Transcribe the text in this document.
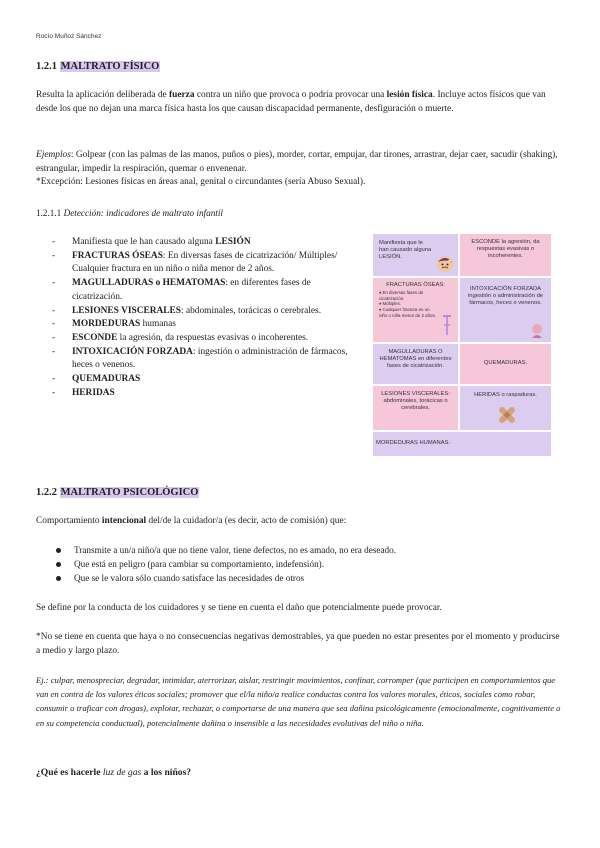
Rocío Muñoz Sánchez
1.2.1 MALTRATO FÍSICO

Resulta la aplicación deliberada de fuerza contra un niño que provoca o podría provocar una lesión física. Incluye actos físicos que van desde los que no dejan una marca física hasta los que causan discapacidad permanente, desfiguración o muerte.

Ejemplos: Golpear (con las palmas de las manos, puños o pies), morder, cortar, empujar, dar tirones, arrastrar, dejar caer, sacudir (shaking), estrangular, impedir la respiración, quemar o envenenar.

*Excepción: Lesiones físicas en áreas anal, genital o circundantes (sería Abuso Sexual).

1.2.1.1 Detección: indicadores de maltrato infantil
- Manifiesta que le han causado alguna LESIÓN
- FRACTURAS ÓSEAS: En diversas fases de cicatrización/ Múltiples/ Cualquier fractura en un niño o niña menor de 2 años.
- MAGULLADURAS o HEMATOMAS: en diferentes fases de cicatrización.
- LESIONES VISCERALES: abdominales, torácicas o cerebrales.
- MORDEDURAS humanas
- ESCONDE la agresión, da respuestas evasivas o incoherentes.
- INTOXICACIÓN FORZADA: ingestión o administración de fármacos, heces o venenos.
- QUEMADURAS
- HERIDAS
Manifiesta que le han causado alguna LESIÓN.
ESCONDE la agresión, da respuestas evasivas o incoherentes.
FRACTURAS ÓSEAS:
♦ En diversas fases de cicatrización.
♦ Múltiples.
♦ Cualquier fractura en un niño o niña menor de 2 años.
INTOXICACIÓN FORZADA ingestión o administración de fármacos, heces o venenos.
MAGULLADURAS O HEMATOMAS en diferentes fases de cicatrización.
QUEMADURAS.
LESIONES VISCERALES: abdominales, torácicas o cerebrales.
HERIDAS o raspaduras.
MORDEDURAS HUMANAS.
1.2.2 MALTRATO PSICOLÓGICO

Comportamiento intencional del/de la cuidador/a (es decir, acto de comisión) que:

Transmite a un/a niño/a que no tiene valor, tiene defectos, no es amado, no era deseado.
Que está en peligro (para cambiar su comportamiento, indefensión).
Que se le valora sólo cuando satisface las necesidades de otros

Se define por la conducta de los cuidadores y se tiene en cuenta el daño que potencialmente puede provocar.

*No se tiene en cuenta que haya o no consecuencias negativas demostrables, ya que pueden no estar presentes por el momento y producirse a medio y largo plazo.

Ej.: culpar, menospreciar, degradar, intimidar, aterrorizar, aislar, restringir movimientos, confinar, corromper (que participen en comportamientos que van en contra de los valores éticos sociales; promover que el/la niño/a realice conductas contra los valores morales, éticos, sociales como robar, consumir o traficar con drogas), explotar, rechazar, o comportarse de una manera que sea dañina psicológicamente (emocionalmente, cognitivamente o en su competencia conductual), potencialmente dañina o insensible a las necesidades evolutivas del niño o niña.

¿Qué es hacerle luz de gas a los niños?
